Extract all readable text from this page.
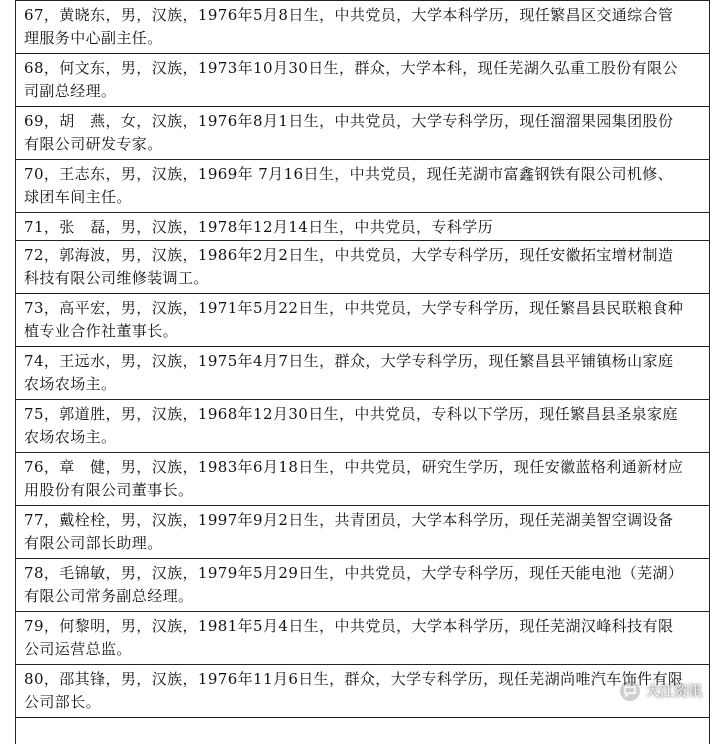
67，黄晓东，男，汉族，1976年5月8日生，中共党员，大学本科学历，现任繁昌区交通综合管

理服务中心副主任。

68，何文东，男，汉族，1973年10月30日生，群众，大学本科，现任芜湖久弘重工股份有限公

司副总经理。

69，胡　燕，女，汉族，1976年8月1日生，中共党员，大学专科学历，现任溜溜果园集团股份

有限公司研发专家。

70，王志东，男，汉族，1969年 7月16日生，中共党员，现任芜湖市富鑫钢铁有限公司机修、

球团车间主任。

71，张　磊，男，汉族，1978年12月14日生，中共党员，专科学历

72，郭海波，男，汉族，1986年2月2日生，中共党员，大学专科学历，现任安徽拓宝增材制造

科技有限公司维修装调工。

73，高平宏，男，汉族，1971年5月22日生，中共党员，大学专科学历，现任繁昌县民联粮食种

植专业合作社董事长。

74，王远水，男，汉族，1975年4月7日生，群众，大学专科学历，现任繁昌县平铺镇杨山家庭

农场农场主。

75，郭道胜，男，汉族，1968年12月30日生，中共党员，专科以下学历，现任繁昌县圣泉家庭

农场农场主。

76，章　健，男，汉族，1983年6月18日生，中共党员，研究生学历，现任安徽蓝格利通新材应

用股份有限公司董事长。

77，戴栓栓，男，汉族，1997年9月2日生，共青团员，大学本科学历，现任芜湖美智空调设备

有限公司部长助理。

78，毛锦敏，男，汉族，1979年5月29日生，中共党员，大学专科学历，现任天能电池（芜湖）

有限公司常务副总经理。

79，何黎明，男，汉族，1981年5月4日生，中共党员，大学本科学历，现任芜湖汉峰科技有限

公司运营总监。

80，邵其锋，男，汉族，1976年11月6日生，群众，大学专科学历，现任芜湖尚唯汽车饰件有限

公司部长。

大江资讯
